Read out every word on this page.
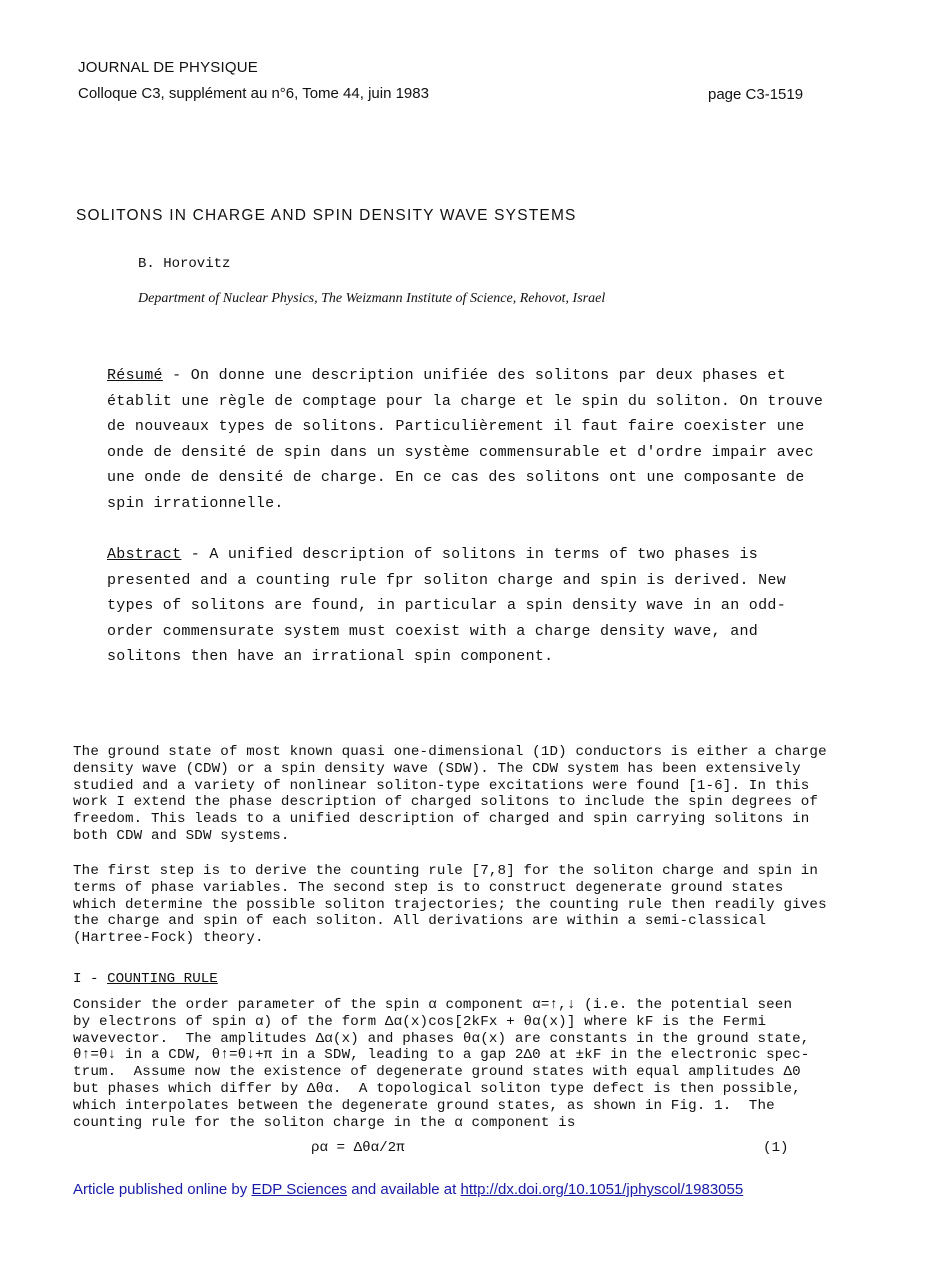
JOURNAL DE PHYSIQUE
Colloque C3, supplément au n°6, Tome 44, juin 1983	page C3-1519
SOLITONS IN CHARGE AND SPIN DENSITY WAVE SYSTEMS
B. Horovitz
Department of Nuclear Physics, The Weizmann Institute of Science, Rehovot, Israel
Résumé - On donne une description unifiée des solitons par deux phases et établit une règle de comptage pour la charge et le spin du soliton. On trouve de nouveaux types de solitons. Particulièrement il faut faire coexister une onde de densité de spin dans un système commensurable et d'ordre impair avec une onde de densité de charge. En ce cas des solitons ont une composante de spin irrationnelle.
Abstract - A unified description of solitons in terms of two phases is presented and a counting rule fpr soliton charge and spin is derived. New types of solitons are found, in particular a spin density wave in an odd-order commensurate system must coexist with a charge density wave, and solitons then have an irrational spin component.
The ground state of most known quasi one-dimensional (1D) conductors is either a charge density wave (CDW) or a spin density wave (SDW). The CDW system has been extensively studied and a variety of nonlinear soliton-type excitations were found [1-6]. In this work I extend the phase description of charged solitons to include the spin degrees of freedom. This leads to a unified description of charged and spin carrying solitons in both CDW and SDW systems.
The first step is to derive the counting rule [7,8] for the soliton charge and spin in terms of phase variables. The second step is to construct degenerate ground states which determine the possible soliton trajectories; the counting rule then readily gives the charge and spin of each soliton. All derivations are within a semi-classical (Hartree-Fock) theory.
I - COUNTING RULE
Consider the order parameter of the spin α component α=↑,↓ (i.e. the potential seen
by electrons of spin α) of the form Δα(x)cos[2kFx + θα(x)] where kF is the Fermi
wavevector.  The amplitudes Δα(x) and phases θα(x) are constants in the ground state,
θ↑=θ↓ in a CDW, θ↑=θ↓+π in a SDW, leading to a gap 2Δ0 at ±kF in the electronic spec-
trum.  Assume now the existence of degenerate ground states with equal amplitudes Δ0
but phases which differ by Δθα.  A topological soliton type defect is then possible,
which interpolates between the degenerate ground states, as shown in Fig. 1.  The
counting rule for the soliton charge in the α component is
ρα = Δθα/2π	(1)
Article published online by EDP Sciences and available at http://dx.doi.org/10.1051/jphyscol/1983055
